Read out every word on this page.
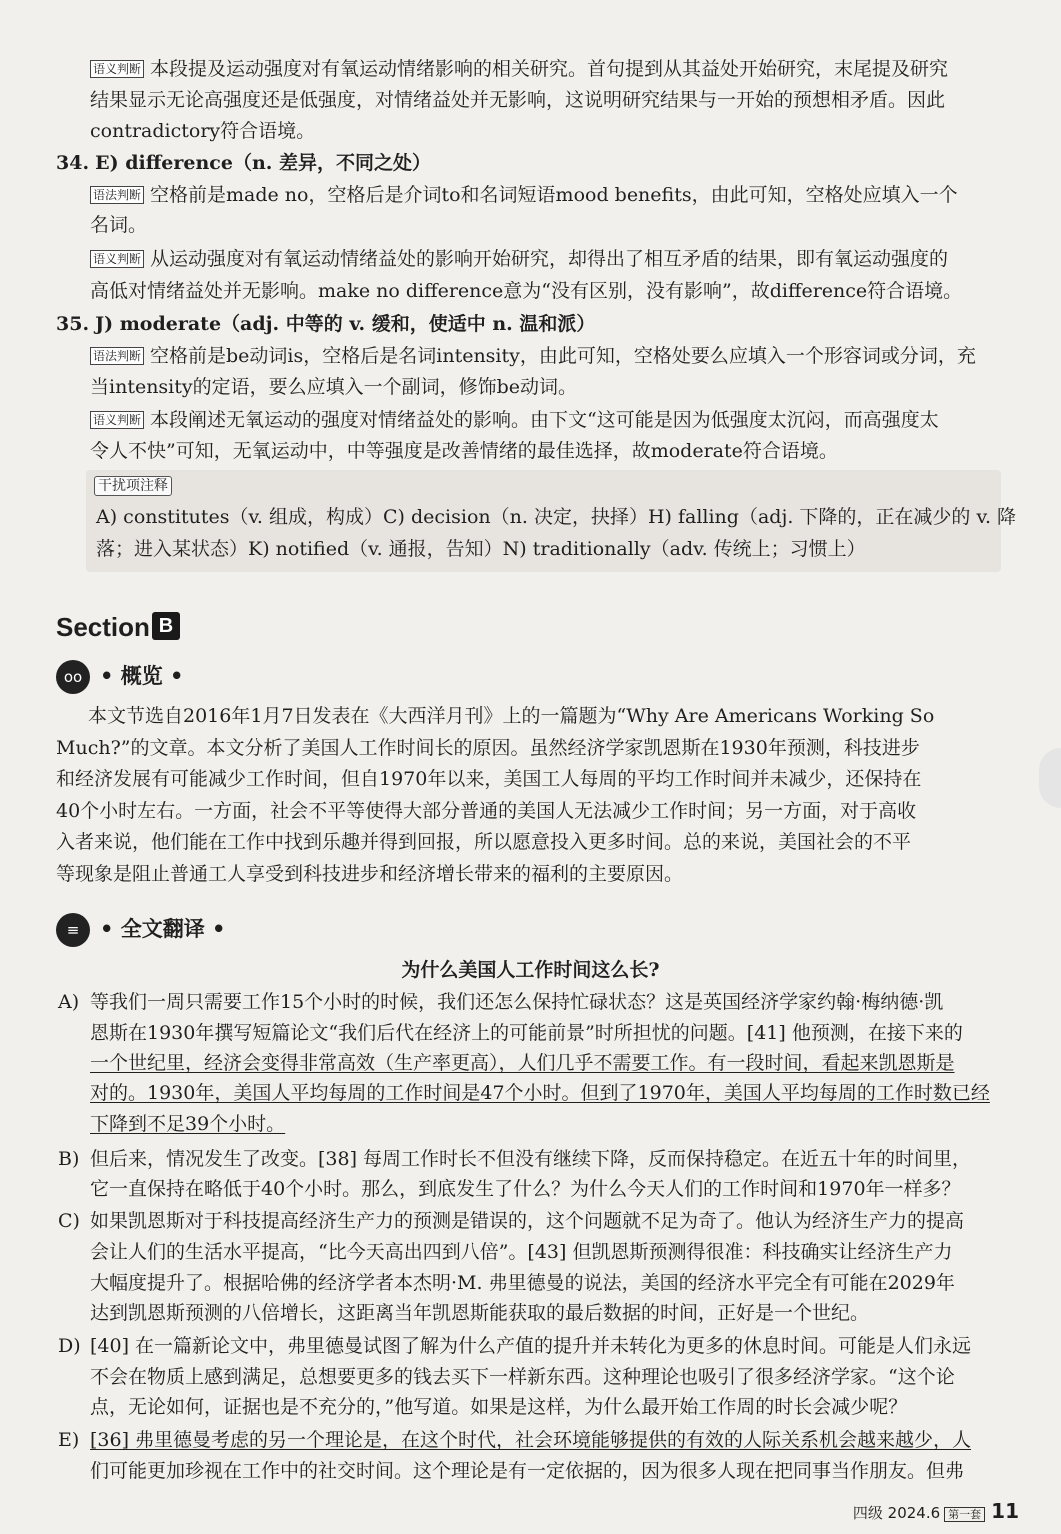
语义判断 本段提及运动强度对有氧运动情绪影响的相关研究。首句提到从其益处开始研究，末尾提及研究
结果显示无论高强度还是低强度，对情绪益处并无影响，这说明研究结果与一开始的预想相矛盾。因此
contradictory符合语境。
34. E) difference（n. 差异，不同之处）
语法判断 空格前是made no，空格后是介词to和名词短语mood benefits，由此可知，空格处应填入一个
名词。
语义判断 从运动强度对有氧运动情绪益处的影响开始研究，却得出了相互矛盾的结果，即有氧运动强度的
高低对情绪益处并无影响。make no difference意为“没有区别，没有影响”，故difference符合语境。
35. J) moderate（adj. 中等的 v. 缓和，使适中 n. 温和派）
语法判断 空格前是be动词is，空格后是名词intensity，由此可知，空格处要么应填入一个形容词或分词，充
当intensity的定语，要么应填入一个副词，修饰be动词。
语义判断 本段阐述无氧运动的强度对情绪益处的影响。由下文“这可能是因为低强度太沉闷，而高强度太
令人不快”可知，无氧运动中，中等强度是改善情绪的最佳选择，故moderate符合语境。
干扰项注释
A) constitutes（v. 组成，构成）C) decision（n. 决定，抉择）H) falling（adj. 下降的，正在减少的 v. 降
落；进入某状态）K) notified（v. 通报，告知）N) traditionally（adv. 传统上；习惯上）
Section B
oo • 概览 •
本文节选自2016年1月7日发表在《大西洋月刊》上的一篇题为“Why Are Americans Working So
Much?”的文章。本文分析了美国人工作时间长的原因。虽然经济学家凯恩斯在1930年预测，科技进步
和经济发展有可能减少工作时间，但自1970年以来，美国工人每周的平均工作时间并未减少，还保持在
40个小时左右。一方面，社会不平等使得大部分普通的美国人无法减少工作时间；另一方面，对于高收
入者来说，他们能在工作中找到乐趣并得到回报，所以愿意投入更多时间。总的来说，美国社会的不平
等现象是阻止普通工人享受到科技进步和经济增长带来的福利的主要原因。
≡ • 全文翻译 •
为什么美国人工作时间这么长?
A) 等我们一周只需要工作15个小时的时候，我们还怎么保持忙碌状态？这是英国经济学家约翰·梅纳德·凯
恩斯在1930年撰写短篇论文“我们后代在经济上的可能前景”时所担忧的问题。[41] 他预测，在接下来的
一个世纪里，经济会变得非常高效（生产率更高），人们几乎不需要工作。有一段时间，看起来凯恩斯是
对的。1930年，美国人平均每周的工作时间是47个小时。但到了1970年，美国人平均每周的工作时数已经
下降到不足39个小时。
B) 但后来，情况发生了改变。[38] 每周工作时长不但没有继续下降，反而保持稳定。在近五十年的时间里，
它一直保持在略低于40个小时。那么，到底发生了什么？为什么今天人们的工作时间和1970年一样多？
C) 如果凯恩斯对于科技提高经济生产力的预测是错误的，这个问题就不足为奇了。他认为经济生产力的提高
会让人们的生活水平提高，“比今天高出四到八倍”。[43] 但凯恩斯预测得很准：科技确实让经济生产力
大幅度提升了。根据哈佛的经济学者本杰明·M. 弗里德曼的说法，美国的经济水平完全有可能在2029年
达到凯恩斯预测的八倍增长，这距离当年凯恩斯能获取的最后数据的时间，正好是一个世纪。
D) [40] 在一篇新论文中，弗里德曼试图了解为什么产值的提升并未转化为更多的休息时间。可能是人们永远
不会在物质上感到满足，总想要更多的钱去买下一样新东西。这种理论也吸引了很多经济学家。“这个论
点，无论如何，证据也是不充分的，”他写道。如果是这样，为什么最开始工作周的时长会减少呢？
E) [36] 弗里德曼考虑的另一个理论是，在这个时代，社会环境能够提供的有效的人际关系机会越来越少，人
们可能更加珍视在工作中的社交时间。这个理论是有一定依据的，因为很多人现在把同事当作朋友。但弗
四级 2024.6 第一套 11
